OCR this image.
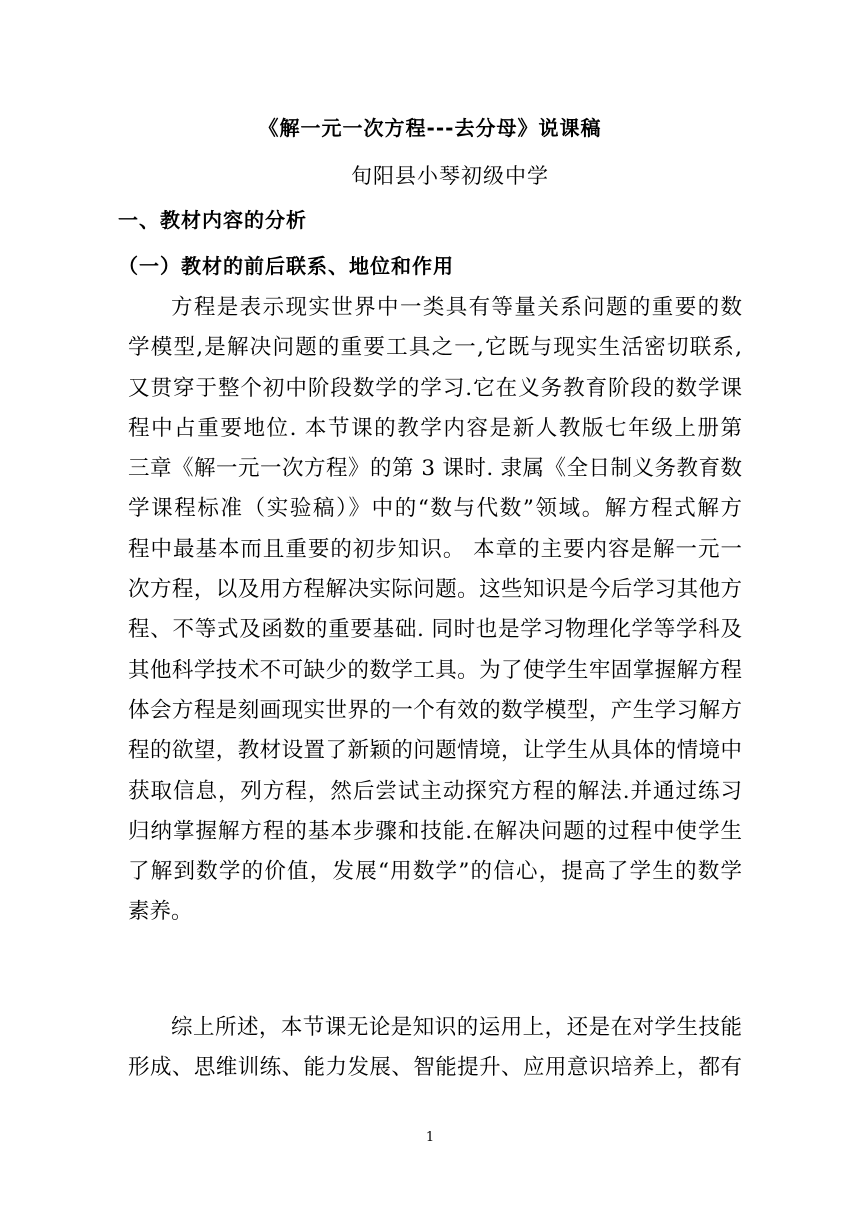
《解一元一次方程---去分母》说课稿
旬阳县小琴初级中学
一、教材内容的分析
（一）教材的前后联系、地位和作用
方程是表示现实世界中一类具有等量关系问题的重要的数
学模型,是解决问题的重要工具之一,它既与现实生活密切联系,
又贯穿于整个初中阶段数学的学习.它在义务教育阶段的数学课
程中占重要地位. 本节课的教学内容是新人教版七年级上册第
三章《解一元一次方程》的第 3 课时. 隶属《全日制义务教育数
学课程标准（实验稿）》中的“数与代数”领域。解方程式解方
程中最基本而且重要的初步知识。 本章的主要内容是解一元一
次方程，以及用方程解决实际问题。这些知识是今后学习其他方
程、不等式及函数的重要基础. 同时也是学习物理化学等学科及
其他科学技术不可缺少的数学工具。为了使学生牢固掌握解方程
体会方程是刻画现实世界的一个有效的数学模型，产生学习解方
程的欲望，教材设置了新颖的问题情境，让学生从具体的情境中
获取信息，列方程，然后尝试主动探究方程的解法.并通过练习
归纳掌握解方程的基本步骤和技能.在解决问题的过程中使学生
了解到数学的价值，发展“用数学”的信心，提高了学生的数学
素养。
综上所述，本节课无论是知识的运用上，还是在对学生技能
形成、思维训练、能力发展、智能提升、应用意识培养上，都有
1
